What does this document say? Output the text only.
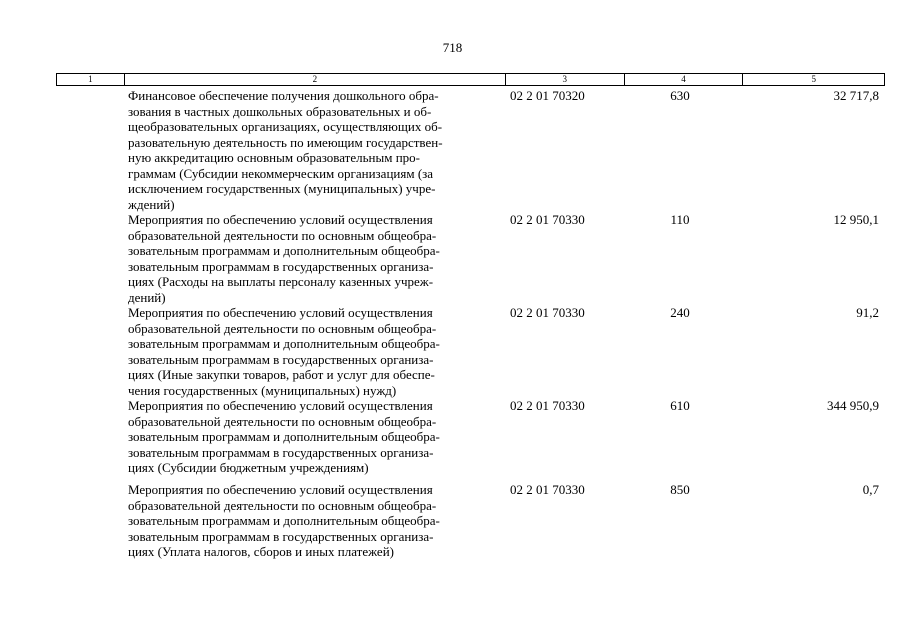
718
1	2	3	4	5
Финансовое обеспечение получения дошкольного обра-
зования в частных дошкольных образовательных и об-
щеобразовательных организациях, осуществляющих об-
разовательную деятельность по имеющим государствен-
ную аккредитацию основным образовательным про-
граммам (Субсидии некоммерческим организациям (за
исключением государственных (муниципальных) учре-
ждений)
02 2 01 70320	630	32 717,8
Мероприятия по обеспечению условий осуществления
образовательной деятельности по основным общеобра-
зовательным программам и дополнительным общеобра-
зовательным программам в государственных организа-
циях (Расходы на выплаты персоналу казенных учреж-
дений)
02 2 01 70330	110	12 950,1
Мероприятия по обеспечению условий осуществления
образовательной деятельности по основным общеобра-
зовательным программам и дополнительным общеобра-
зовательным программам в государственных организа-
циях (Иные закупки товаров, работ и услуг для обеспе-
чения государственных (муниципальных) нужд)
02 2 01 70330	240	91,2
Мероприятия по обеспечению условий осуществления
образовательной деятельности по основным общеобра-
зовательным программам и дополнительным общеобра-
зовательным программам в государственных организа-
циях (Субсидии бюджетным учреждениям)
02 2 01 70330	610	344 950,9
Мероприятия по обеспечению условий осуществления
образовательной деятельности по основным общеобра-
зовательным программам и дополнительным общеобра-
зовательным программам в государственных организа-
циях (Уплата налогов, сборов и иных платежей)
02 2 01 70330	850	0,7
